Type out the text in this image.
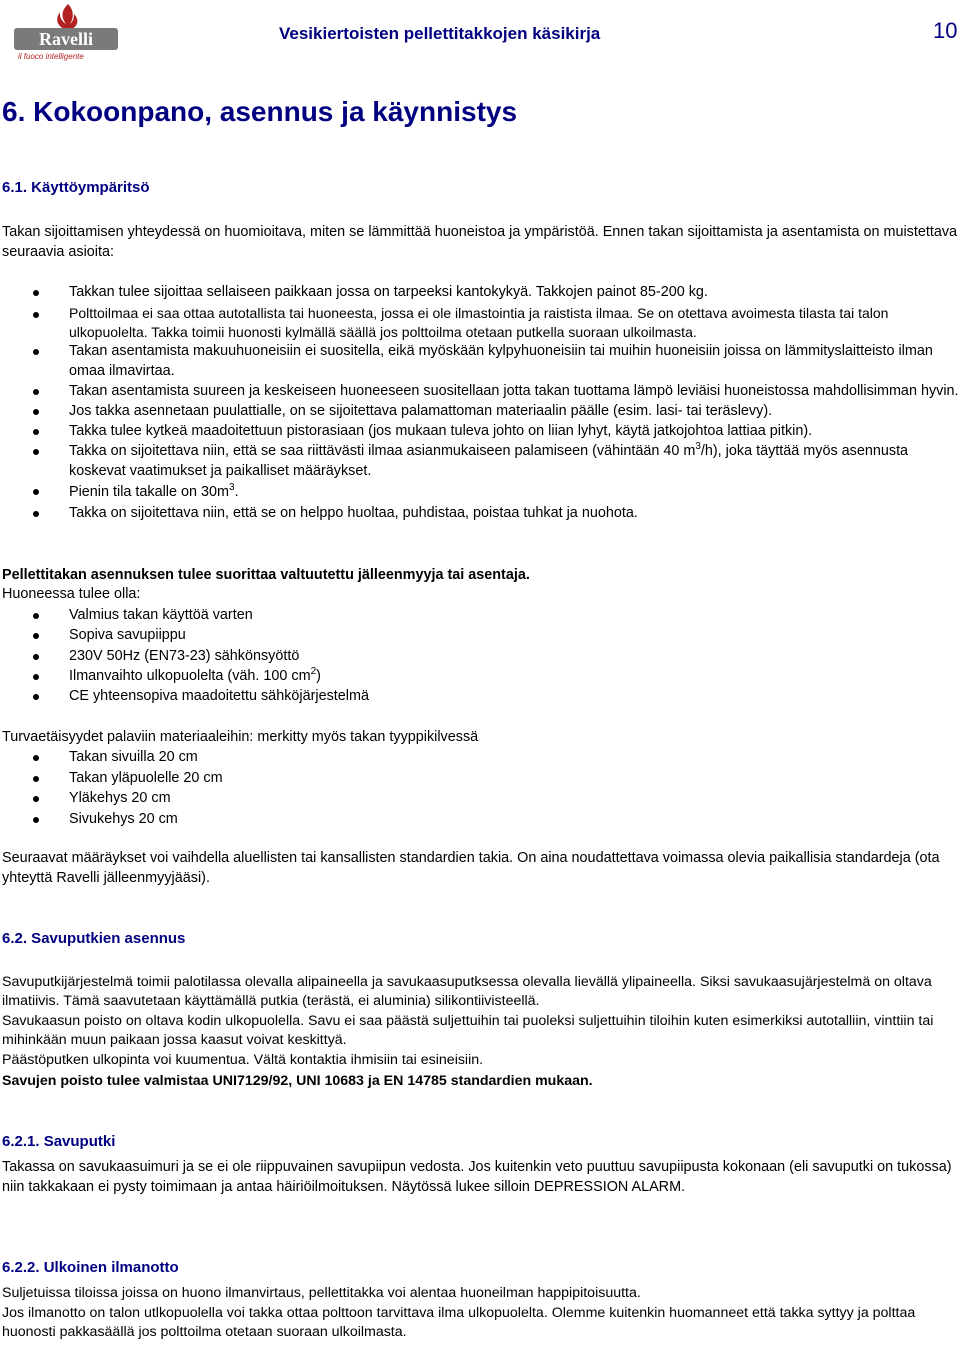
Ravelli
il fuoco intelligente
Vesikiertoisten pellettitakkojen käsikirja	10
6. Kokoonpano, asennus ja käynnistys
6.1. Käyttöympäritsö
Takan sijoittamisen yhteydessä on huomioitava, miten se lämmittää huoneistoa ja ympäristöä. Ennen takan sijoittamista ja asentamista on muistettava seuraavia asioita:
Takkan tulee sijoittaa sellaiseen paikkaan jossa on tarpeeksi kantokykyä. Takkojen painot 85-200 kg.
Polttoilmaa ei saa ottaa autotallista tai huoneesta, jossa ei ole ilmastointia ja raistista ilmaa. Se on otettava avoimesta tilasta tai talon ulkopuolelta. Takka toimii huonosti kylmällä säällä jos polttoilma otetaan putkella suoraan ulkoilmasta.
Takan asentamista makuuhuoneisiin ei suositella, eikä myöskään kylpyhuoneisiin tai muihin huoneisiin joissa on lämmityslaitteisto ilman omaa ilmavirtaa.
Takan asentamista suureen ja keskeiseen huoneeseen suositellaan jotta takan tuottama lämpö leviäisi huoneistossa mahdollisimman hyvin.
Jos takka asennetaan puulattialle, on se sijoitettava palamattoman materiaalin päälle (esim. lasi- tai teräslevy).
Takka tulee kytkeä maadoitettuun pistorasiaan (jos mukaan tuleva johto on liian lyhyt, käytä jatkojohtoa lattiaa pitkin).
Takka on sijoitettava niin, että se saa riittävästi ilmaa asianmukaiseen palamiseen (vähintään 40 $m^3/h$), joka täyttää myös asennusta koskevat vaatimukset ja paikalliset määräykset.
Pienin tila takalle on $30m^3$.
Takka on sijoitettava niin, että se on helppo huoltaa, puhdistaa, poistaa tuhkat ja nuohota.
Pellettitakan asennuksen tulee suorittaa valtuutettu jälleenmyyja tai asentaja.
Huoneessa tulee olla:
Valmius takan käyttöä varten
Sopiva savupiippu
230V 50Hz (EN73-23) sähkönsyöttö
Ilmanvaihto ulkopuolelta (väh. 100 $cm^2$)
CE yhteensopiva maadoitettu sähköjärjestelmä
Turvaetäisyydet palaviin materiaaleihin: merkitty myös takan tyyppikilvessä
Takan sivuilla 20 cm
Takan yläpuolelle 20 cm
Yläkehys 20 cm
Sivukehys 20 cm
Seuraavat määräykset voi vaihdella aluellisten tai kansallisten standardien takia. On aina noudattettava voimassa olevia paikallisia standardeja (ota yhteyttä Ravelli jälleenmyyjääsi).
6.2. Savuputkien asennus
Savuputkijärjestelmä toimii palotilassa olevalla alipaineella ja savukaasuputksessa olevalla lievällä ylipaineella. Siksi savukaasujärjestelmä on oltava ilmatiivis. Tämä saavutetaan käyttämällä putkia (terästä, ei aluminia) silikontiivisteellä.
Savukaasun poisto on oltava kodin ulkopuolella. Savu ei saa päästä suljettuihin tai puoleksi suljettuihin tiloihin kuten esimerkiksi autotalliin, vinttiin tai mihinkään muun paikaan jossa kaasut voivat keskittyä.
Päästöputken ulkopinta voi kuumentua. Vältä kontaktia ihmisiin tai esineisiin.
Savujen poisto tulee valmistaa UNI7129/92, UNI 10683 ja EN 14785 standardien mukaan.
6.2.1. Savuputki
Takassa on savukaasuimuri ja se ei ole riippuvainen savupiipun vedosta. Jos kuitenkin veto puuttuu savupiipusta kokonaan (eli savuputki on tukossa) niin takkakaan ei pysty toimimaan ja antaa häiriöilmoituksen. Näytössä lukee silloin DEPRESSION ALARM.
6.2.2. Ulkoinen ilmanotto
Suljetuissa tiloissa joissa on huono ilmanvirtaus, pellettitakka voi alentaa huoneilman happipitoisuutta.
Jos ilmanotto on talon utlkopuolella voi takka ottaa polttoon tarvittava ilma ulkopuolelta. Olemme kuitenkin huomanneet että takka syttyy ja polttaa huonosti pakkasäällä jos polttoilma otetaan suoraan ulkoilmasta.
